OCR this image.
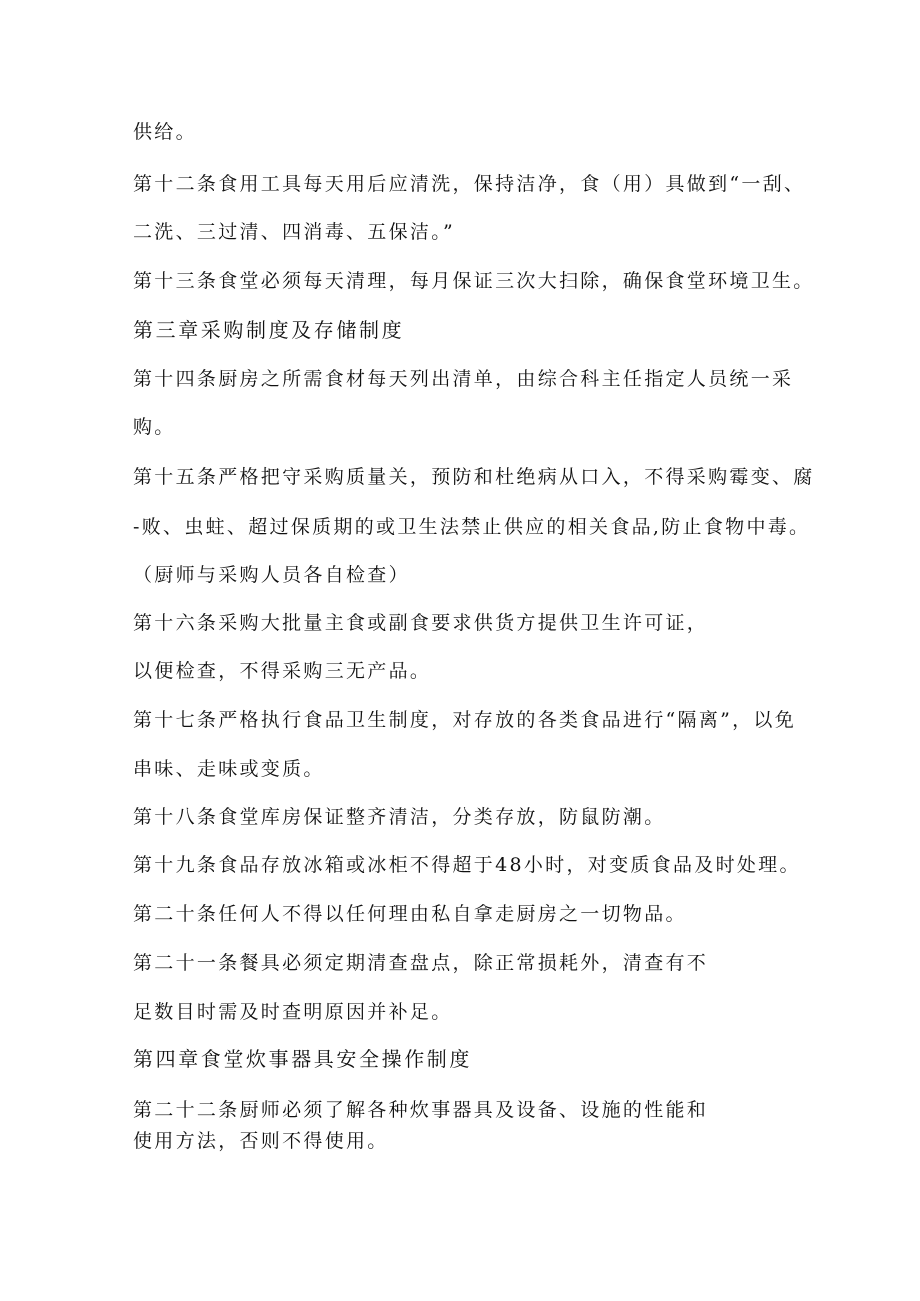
供给。
第十二条食用工具每天用后应清洗，保持洁净，食（用）具做到“一刮、
二洗、三过清、四消毒、五保洁。”
第十三条食堂必须每天清理，每月保证三次大扫除，确保食堂环境卫生。
第三章采购制度及存储制度
第十四条厨房之所需食材每天列出清单，由综合科主任指定人员统一采
购。
第十五条严格把守采购质量关，预防和杜绝病从口入，不得采购霉变、腐
-败、虫蛀、超过保质期的或卫生法禁止供应的相关食品,防止食物中毒。
（厨师与采购人员各自检查）
第十六条采购大批量主食或副食要求供货方提供卫生许可证，
以便检查，不得采购三无产品。
第十七条严格执行食品卫生制度，对存放的各类食品进行“隔离”，以免
串味、走味或变质。
第十八条食堂库房保证整齐清洁，分类存放，防鼠防潮。
第十九条食品存放冰箱或冰柜不得超于48小时，对变质食品及时处理。
第二十条任何人不得以任何理由私自拿走厨房之一切物品。
第二十一条餐具必须定期清查盘点，除正常损耗外，清查有不
足数目时需及时查明原因并补足。
第四章食堂炊事器具安全操作制度
第二十二条厨师必须了解各种炊事器具及设备、设施的性能和
使用方法，否则不得使用。
